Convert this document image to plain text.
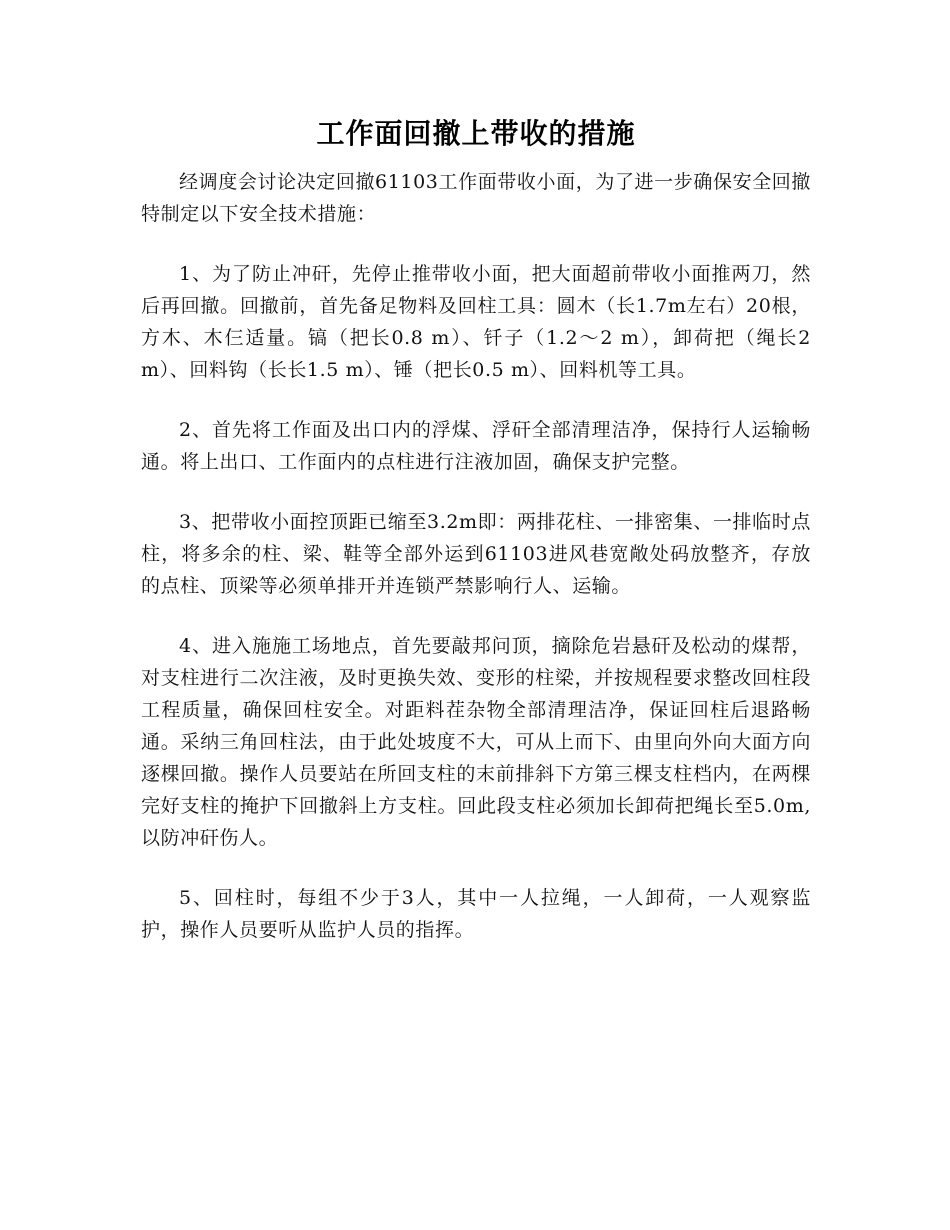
工作面回撤上带收的措施

经调度会讨论决定回撤61103工作面带收小面，为了进一步确保安全回撤特制定以下安全技术措施：

1、为了防止冲矸，先停止推带收小面，把大面超前带收小面推两刀，然后再回撤。回撤前，首先备足物料及回柱工具：圆木（长1.7m左右）20根，方木、木仨适量。镐（把长0.8 m）、钎子（1.2～2 m），卸荷把（绳长2 m）、回料钩（长长1.5 m）、锤（把长0.5 m）、回料机等工具。

2、首先将工作面及出口内的浮煤、浮矸全部清理洁净，保持行人运输畅通。将上出口、工作面内的点柱进行注液加固，确保支护完整。

3、把带收小面控顶距已缩至3.2m即：两排花柱、一排密集、一排临时点柱，将多余的柱、梁、鞋等全部外运到61103进风巷宽敞处码放整齐，存放的点柱、顶梁等必须单排开并连锁严禁影响行人、运输。

4、进入施施工场地点，首先要敲邦问顶，摘除危岩悬矸及松动的煤帮，对支柱进行二次注液，及时更换失效、变形的柱梁，并按规程要求整改回柱段工程质量，确保回柱安全。对距料茬杂物全部清理洁净，保证回柱后退路畅通。采纳三角回柱法，由于此处坡度不大，可从上而下、由里向外向大面方向逐棵回撤。操作人员要站在所回支柱的末前排斜下方第三棵支柱档内，在两棵完好支柱的掩护下回撤斜上方支柱。回此段支柱必须加长卸荷把绳长至5.0m,以防冲矸伤人。

5、回柱时，每组不少于3人，其中一人拉绳，一人卸荷，一人观察监护，操作人员要听从监护人员的指挥。
